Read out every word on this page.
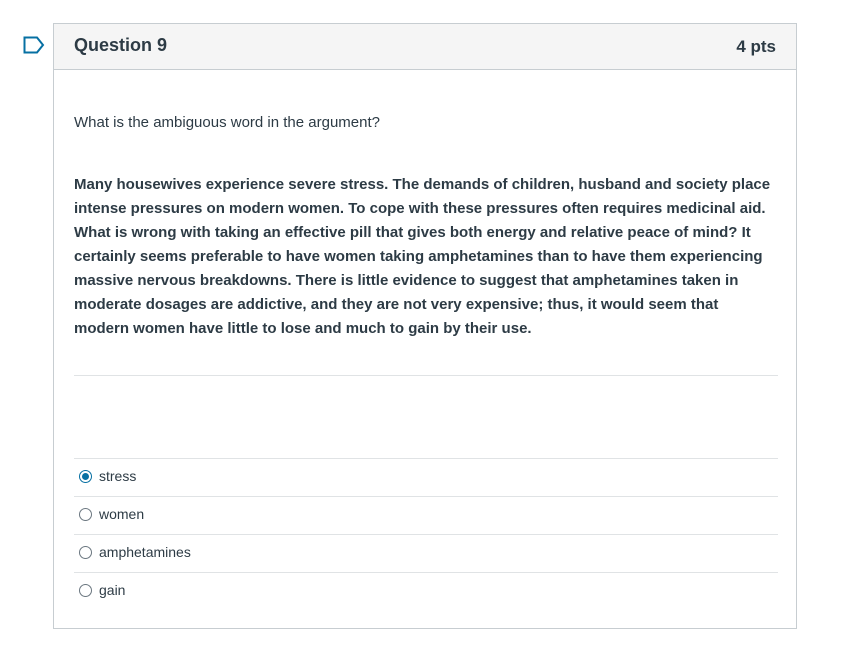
Question 9	4 pts
What is the ambiguous word in the argument?
Many housewives experience severe stress. The demands of children, husband and society place intense pressures on modern women. To cope with these pressures often requires medicinal aid. What is wrong with taking an effective pill that gives both energy and relative peace of mind? It certainly seems preferable to have women taking amphetamines than to have them experiencing massive nervous breakdowns. There is little evidence to suggest that amphetamines taken in moderate dosages are addictive, and they are not very expensive; thus, it would seem that modern women have little to lose and much to gain by their use.
stress
women
amphetamines
gain
